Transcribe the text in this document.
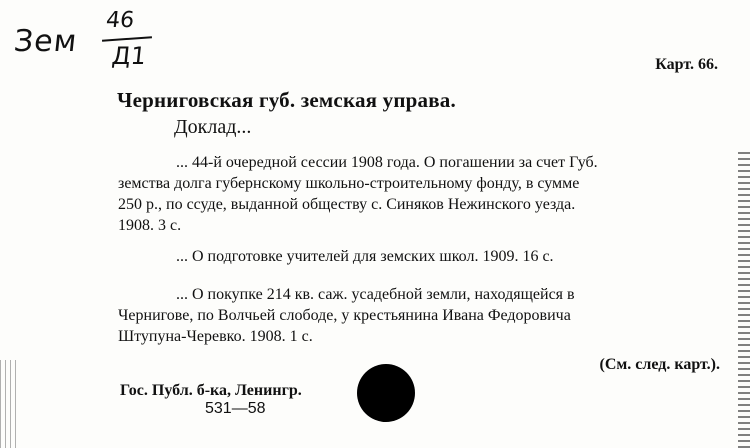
Зем
46
Д1	Карт. 66.
Черниговская губ. земская управа.
Доклад...
... 44-й очередной сессии 1908 года. О погашении за счет Губ.
земства долга губернскому школьно-строительному фонду, в сумме
250 р., по ссуде, выданной обществу с. Синяков Нежинского уезда.
1908. 3 с.
... О подготовке учителей для земских школ. 1909. 16 с.
... О покупке 214 кв. саж. усадебной земли, находящейся в
Чернигове, по Волчьей слободе, у крестьянина Ивана Федоровича
Штупуна-Черевко. 1908. 1 с.
(См. след. карт.).
Гос. Публ. б-ка, Ленингр.
531—58
